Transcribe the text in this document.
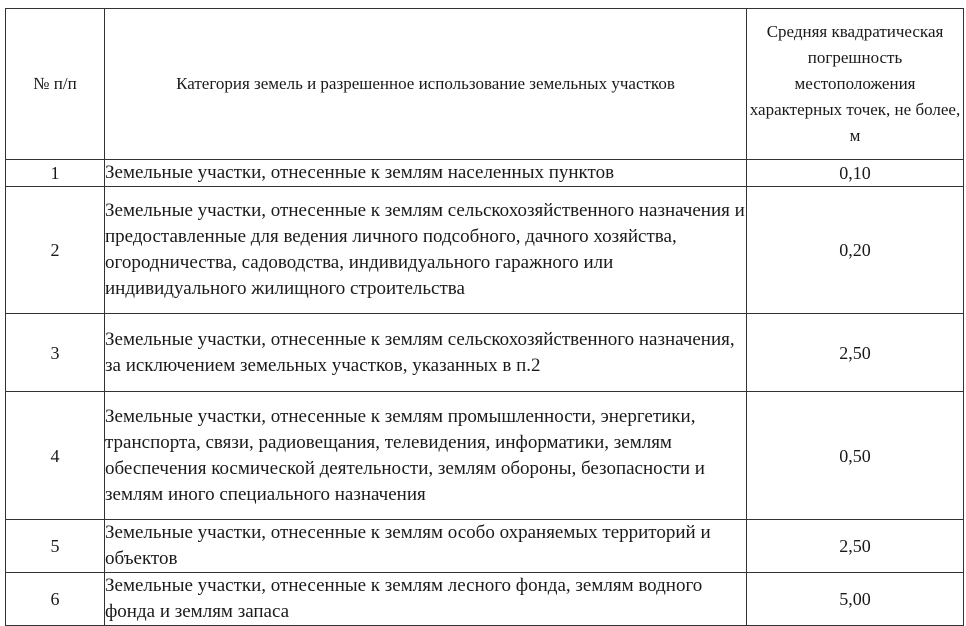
№ п/п	Категория земель и разрешенное использование земельных участков	Средняя квадратическая погрешность местоположения характерных точек, не более, м
1	Земельные участки, отнесенные к землям населенных пунктов	0,10
2	Земельные участки, отнесенные к землям сельскохозяйственного назначения и предоставленные для ведения личного подсобного, дачного хозяйства, огородничества, садоводства, индивидуального гаражного или индивидуального жилищного строительства	0,20
3	Земельные участки, отнесенные к землям сельскохозяйственного назначения, за исключением земельных участков, указанных в п.2	2,50
4	Земельные участки, отнесенные к землям промышленности, энергетики, транспорта, связи, радиовещания, телевидения, информатики, землям обеспечения космической деятельности, землям обороны, безопасности и землям иного специального назначения	0,50
5	Земельные участки, отнесенные к землям особо охраняемых территорий и объектов	2,50
6	Земельные участки, отнесенные к землям лесного фонда, землям водного фонда и землям запаса	5,00
